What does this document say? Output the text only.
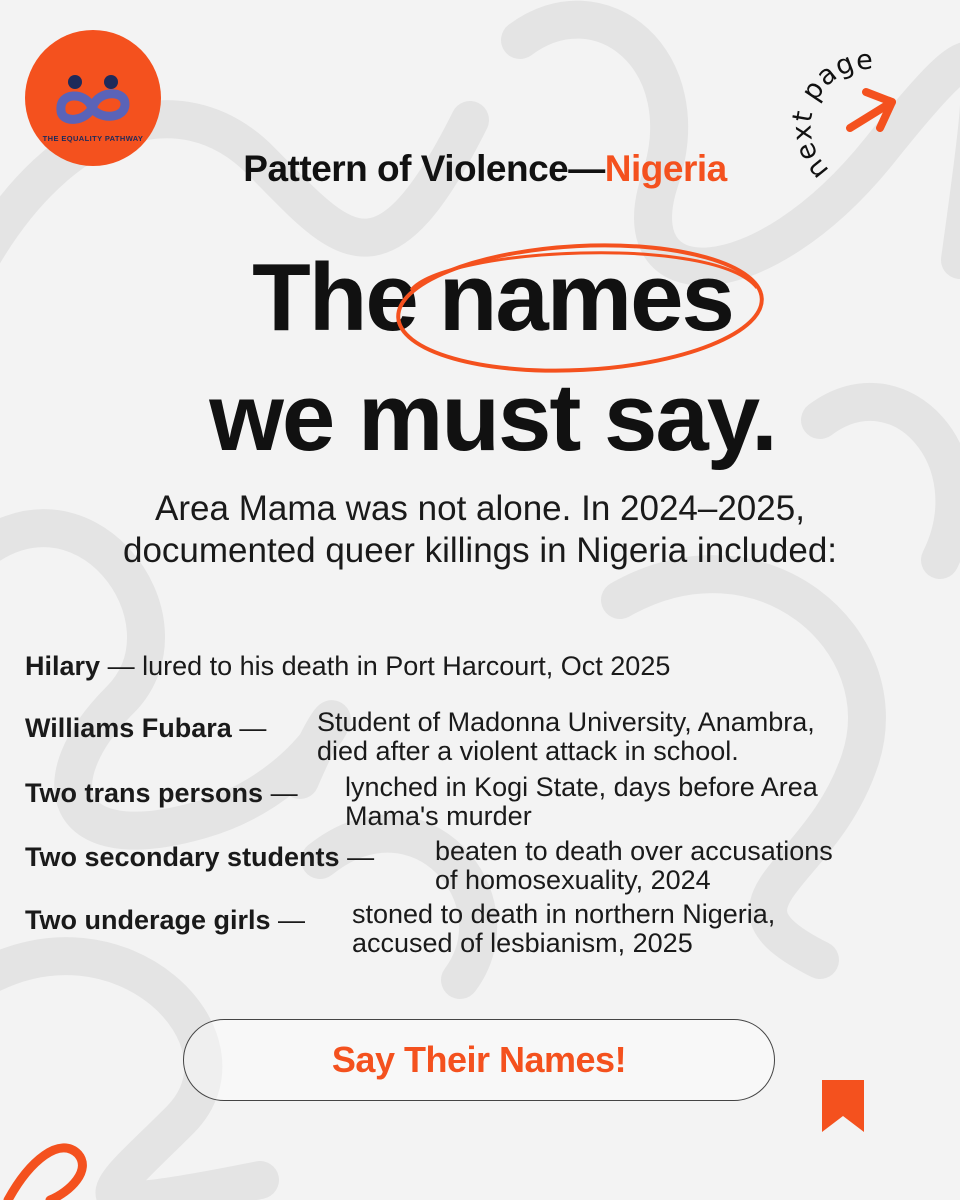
THE EQUALITY PATHWAY
next page
Pattern of Violence—Nigeria
The names
we must say.
Area Mama was not alone. In 2024–2025,
documented queer killings in Nigeria included:
Hilary — lured to his death in Port Harcourt, Oct 2025
Williams Fubara — Student of Madonna University, Anambra,
died after a violent attack in school.
Two trans persons — lynched in Kogi State, days before Area
Mama's murder
Two secondary students — beaten to death over accusations
of homosexuality, 2024
Two underage girls — stoned to death in northern Nigeria,
accused of lesbianism, 2025
Say Their Names!
